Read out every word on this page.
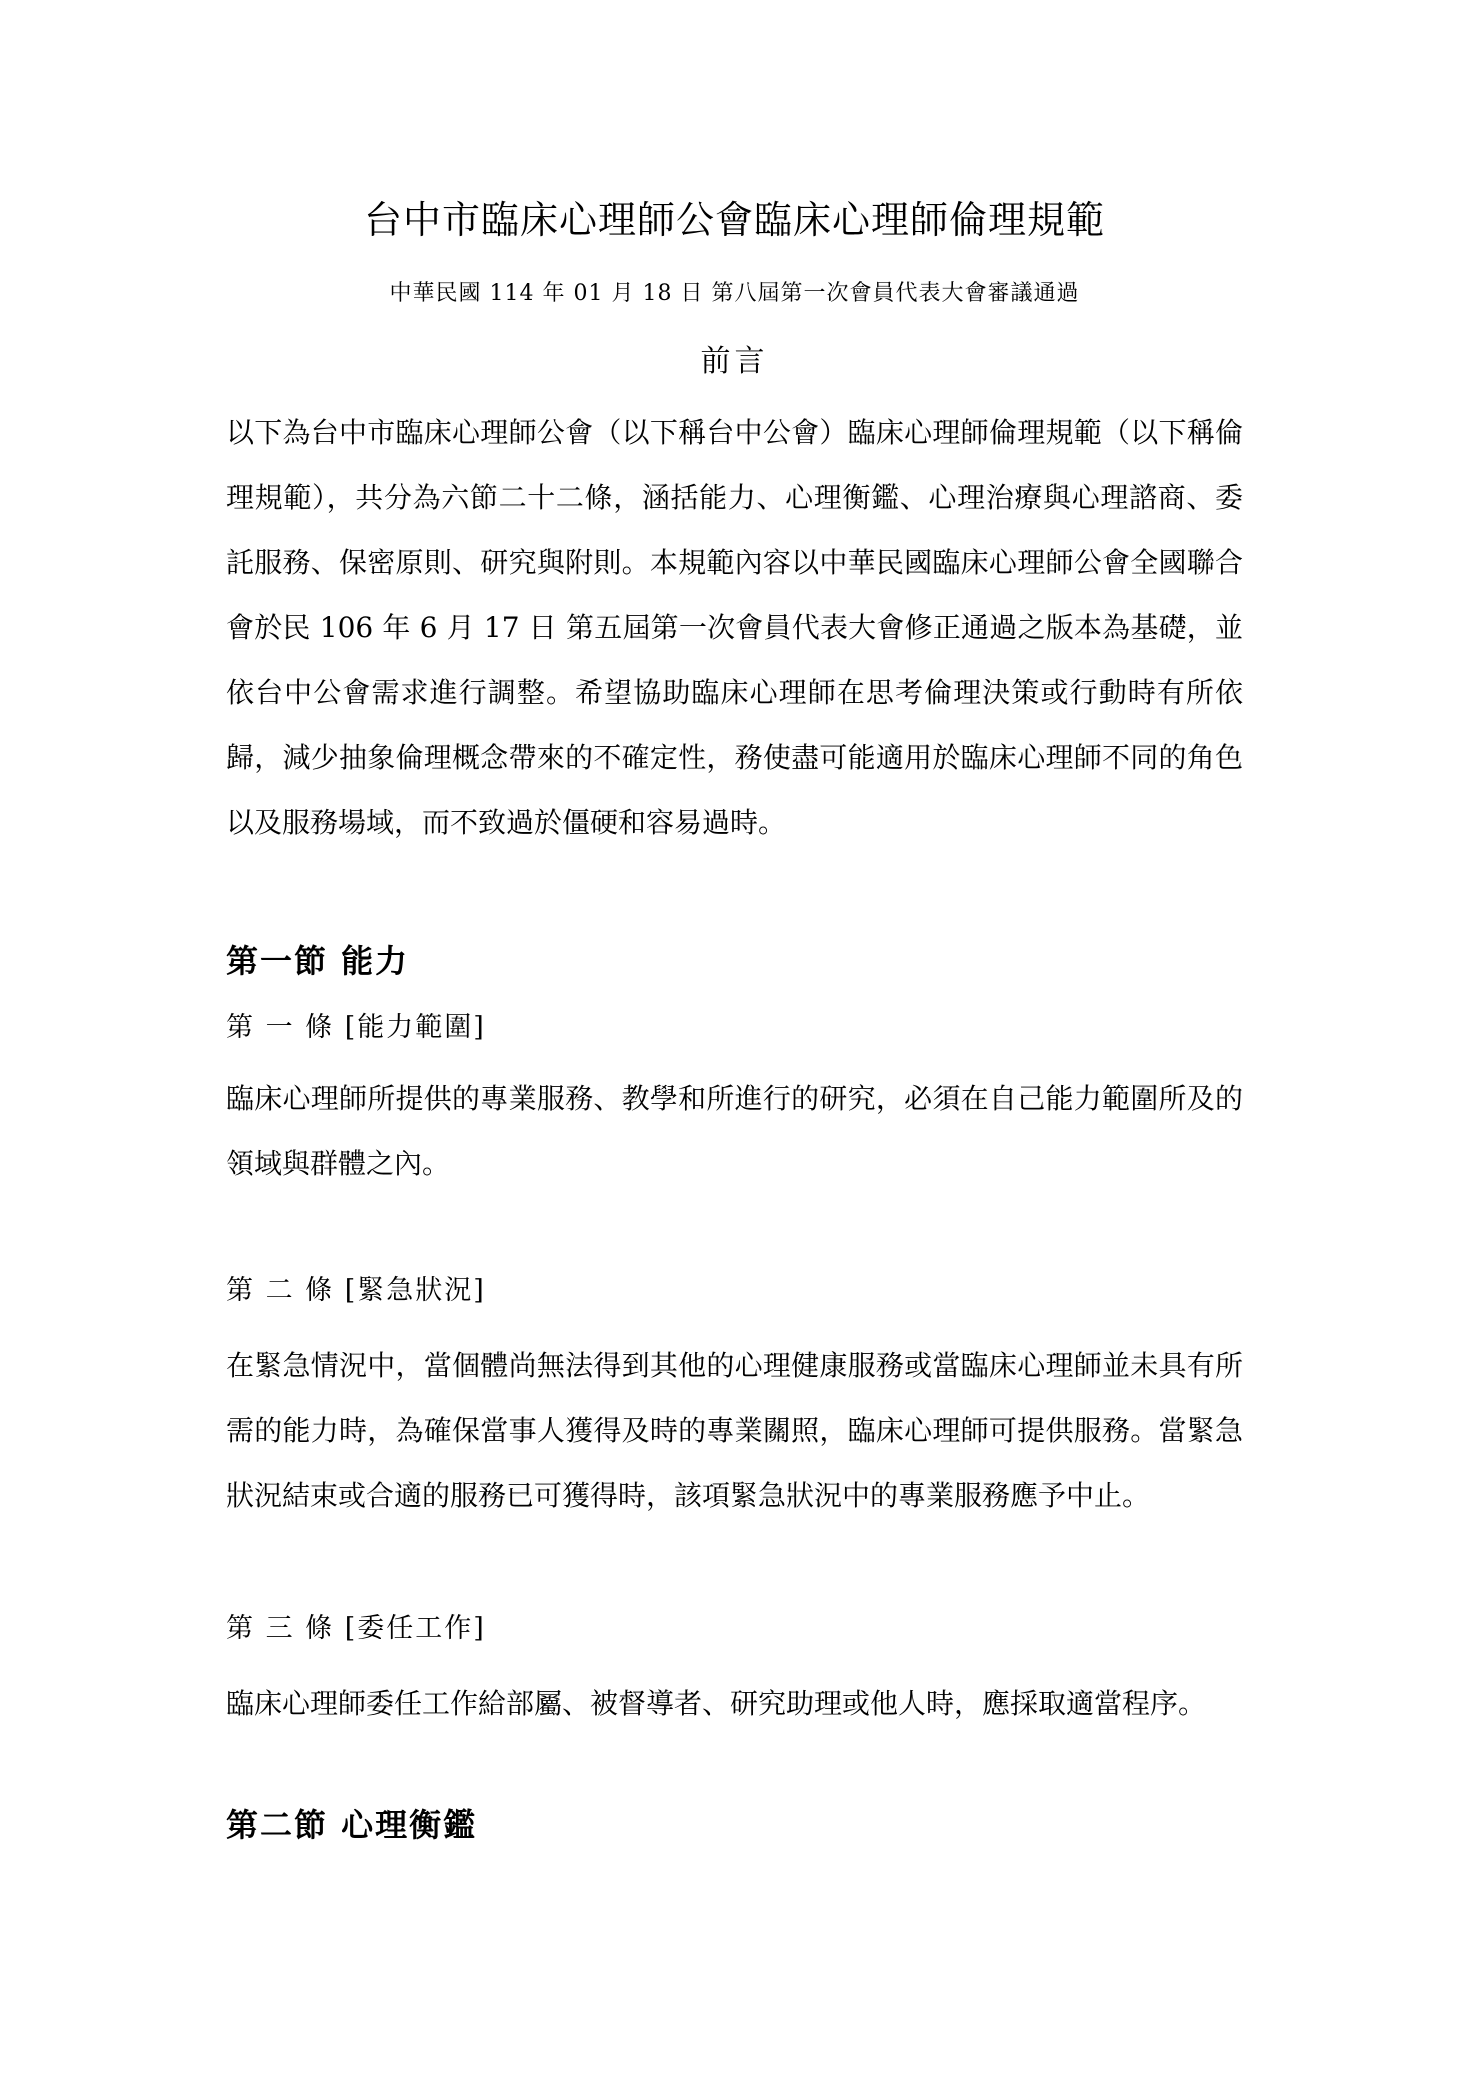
台中市臨床心理師公會臨床心理師倫理規範
中華民國 114 年 01 月 18 日 第八屆第一次會員代表大會審議通過
前言
以下為台中市臨床心理師公會（以下稱台中公會）臨床心理師倫理規範（以下稱倫理規範），共分為六節二十二條，涵括能力、心理衡鑑、心理治療與心理諮商、委託服務、保密原則、研究與附則。本規範內容以中華民國臨床心理師公會全國聯合會於民 106 年 6 月 17 日 第五屆第一次會員代表大會修正通過之版本為基礎，並依台中公會需求進行調整。希望協助臨床心理師在思考倫理決策或行動時有所依歸，減少抽象倫理概念帶來的不確定性，務使盡可能適用於臨床心理師不同的角色以及服務場域，而不致過於僵硬和容易過時。
第一節 能力
第 一 條 [能力範圍]
臨床心理師所提供的專業服務、教學和所進行的研究，必須在自己能力範圍所及的領域與群體之內。
第 二 條 [緊急狀況]
在緊急情況中，當個體尚無法得到其他的心理健康服務或當臨床心理師並未具有所需的能力時，為確保當事人獲得及時的專業關照，臨床心理師可提供服務。當緊急狀況結束或合適的服務已可獲得時，該項緊急狀況中的專業服務應予中止。
第 三 條 [委任工作]
臨床心理師委任工作給部屬、被督導者、研究助理或他人時，應採取適當程序。
第二節 心理衡鑑
